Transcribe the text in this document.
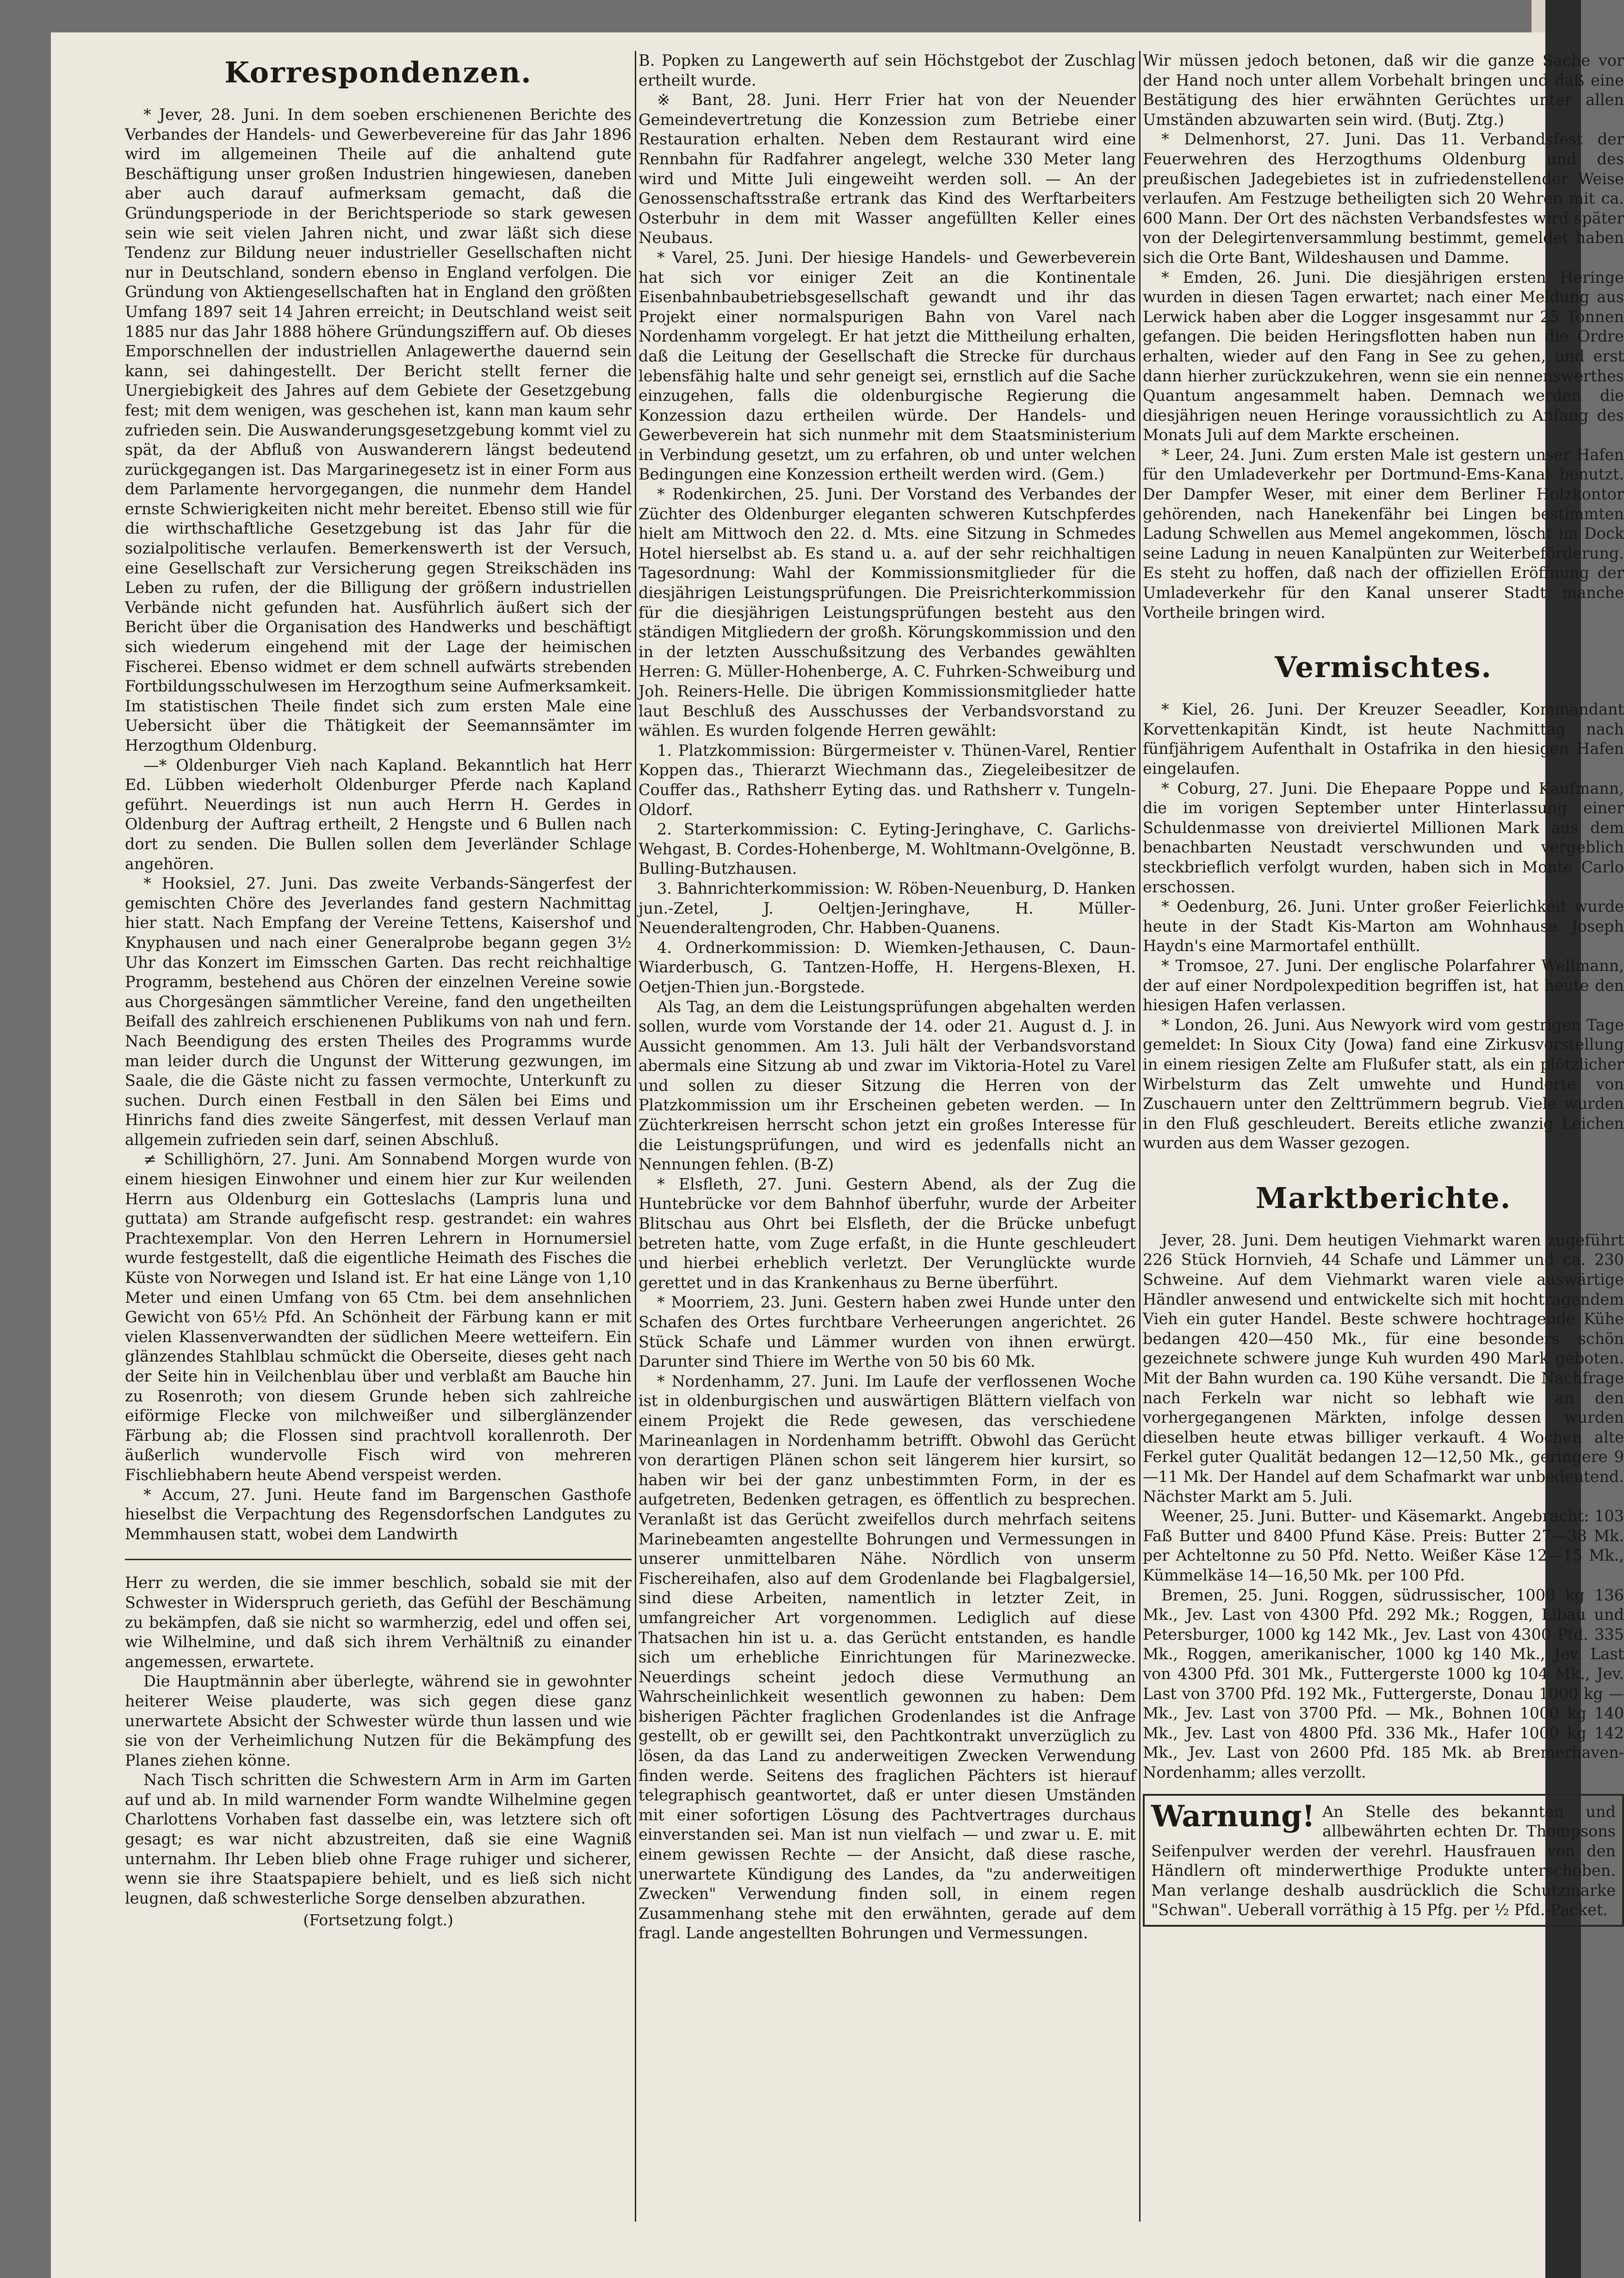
Korrespondenzen.

* Jever, 28. Juni. In dem soeben erschienenen Berichte des Verbandes der Handels- und Gewerbevereine für das Jahr 1896 wird im allgemeinen Theile auf die anhaltend gute Beschäftigung unser großen Industrien hingewiesen, daneben aber auch darauf aufmerksam gemacht, daß die Gründungsperiode in der Berichtsperiode so stark gewesen sein wie seit vielen Jahren nicht, und zwar läßt sich diese Tendenz zur Bildung neuer industrieller Gesellschaften nicht nur in Deutschland, sondern ebenso in England verfolgen. Die Gründung von Aktiengesellschaften hat in England den größten Umfang 1897 seit 14 Jahren erreicht; in Deutschland weist seit 1885 nur das Jahr 1888 höhere Gründungsziffern auf. Ob dieses Emporschnellen der industriellen Anlagewerthe dauernd sein kann, sei dahingestellt. Der Bericht stellt ferner die Unergiebigkeit des Jahres auf dem Gebiete der Gesetzgebung fest; mit dem wenigen, was geschehen ist, kann man kaum sehr zufrieden sein. Die Auswanderungsgesetzgebung kommt viel zu spät, da der Abfluß von Auswanderern längst bedeutend zurückgegangen ist. Das Margarinegesetz ist in einer Form aus dem Parlamente hervorgegangen, die nunmehr dem Handel ernste Schwierigkeiten nicht mehr bereitet. Ebenso still wie für die wirthschaftliche Gesetzgebung ist das Jahr für die sozialpolitische verlaufen. Bemerkenswerth ist der Versuch, eine Gesellschaft zur Versicherung gegen Streikschäden ins Leben zu rufen, der die Billigung der größern industriellen Verbände nicht gefunden hat. Ausführlich äußert sich der Bericht über die Organisation des Handwerks und beschäftigt sich wiederum eingehend mit der Lage der heimischen Fischerei. Ebenso widmet er dem schnell aufwärts strebenden Fortbildungsschulwesen im Herzogthum seine Aufmerksamkeit. Im statistischen Theile findet sich zum ersten Male eine Uebersicht über die Thätigkeit der Seemannsämter im Herzogthum Oldenburg.

—* Oldenburger Vieh nach Kapland. Bekanntlich hat Herr Ed. Lübben wiederholt Oldenburger Pferde nach Kapland geführt. Neuerdings ist nun auch Herrn H. Gerdes in Oldenburg der Auftrag ertheilt, 2 Hengste und 6 Bullen nach dort zu senden. Die Bullen sollen dem Jeverländer Schlage angehören.

* Hooksiel, 27. Juni. Das zweite Verbands-Sängerfest der gemischten Chöre des Jeverlandes fand gestern Nachmittag hier statt. Nach Empfang der Vereine Tettens, Kaisershof und Knyphausen und nach einer Generalprobe begann gegen 3½ Uhr das Konzert im Eimsschen Garten. Das recht reichhaltige Programm, bestehend aus Chören der einzelnen Vereine sowie aus Chorgesängen sämmtlicher Vereine, fand den ungetheilten Beifall des zahlreich erschienenen Publikums von nah und fern. Nach Beendigung des ersten Theiles des Programms wurde man leider durch die Ungunst der Witterung gezwungen, im Saale, die die Gäste nicht zu fassen vermochte, Unterkunft zu suchen. Durch einen Festball in den Sälen bei Eims und Hinrichs fand dies zweite Sängerfest, mit dessen Verlauf man allgemein zufrieden sein darf, seinen Abschluß.

≠ Schillighörn, 27. Juni. Am Sonnabend Morgen wurde von einem hiesigen Einwohner und einem hier zur Kur weilenden Herrn aus Oldenburg ein Gotteslachs (Lampris luna und guttata) am Strande aufgefischt resp. gestrandet: ein wahres Prachtexemplar. Von den Herren Lehrern in Hornumersiel wurde festgestellt, daß die eigentliche Heimath des Fisches die Küste von Norwegen und Island ist. Er hat eine Länge von 1,10 Meter und einen Umfang von 65 Ctm. bei dem ansehnlichen Gewicht von 65½ Pfd. An Schönheit der Färbung kann er mit vielen Klassenverwandten der südlichen Meere wetteifern. Ein glänzendes Stahlblau schmückt die Oberseite, dieses geht nach der Seite hin in Veilchenblau über und verblaßt am Bauche hin zu Rosenroth; von diesem Grunde heben sich zahlreiche eiförmige Flecke von milchweißer und silberglänzender Färbung ab; die Flossen sind prachtvoll korallenroth. Der äußerlich wundervolle Fisch wird von mehreren Fischliebhabern heute Abend verspeist werden.

* Accum, 27. Juni. Heute fand im Bargenschen Gasthofe hieselbst die Verpachtung des Regensdorfschen Landgutes zu Memmhausen statt, wobei dem Landwirth

Herr zu werden, die sie immer beschlich, sobald sie mit der Schwester in Widerspruch gerieth, das Gefühl der Beschämung zu bekämpfen, daß sie nicht so warmherzig, edel und offen sei, wie Wilhelmine, und daß sich ihrem Verhältniß zu einander angemessen, erwartete.

Die Hauptmännin aber überlegte, während sie in gewohnter heiterer Weise plauderte, was sich gegen diese ganz unerwartete Absicht der Schwester würde thun lassen und wie sie von der Verheimlichung Nutzen für die Bekämpfung des Planes ziehen könne.

Nach Tisch schritten die Schwestern Arm in Arm im Garten auf und ab. In mild warnender Form wandte Wilhelmine gegen Charlottens Vorhaben fast dasselbe ein, was letztere sich oft gesagt; es war nicht abzustreiten, daß sie eine Wagniß unternahm. Ihr Leben blieb ohne Frage ruhiger und sicherer, wenn sie ihre Staatspapiere behielt, und es ließ sich nicht leugnen, daß schwesterliche Sorge denselben abzurathen.

(Fortsetzung folgt.)

B. Popken zu Langewerth auf sein Höchstgebot der Zuschlag ertheilt wurde.

※ Bant, 28. Juni. Herr Frier hat von der Neuender Gemeindevertretung die Konzession zum Betriebe einer Restauration erhalten. Neben dem Restaurant wird eine Rennbahn für Radfahrer angelegt, welche 330 Meter lang wird und Mitte Juli eingeweiht werden soll. — An der Genossenschaftsstraße ertrank das Kind des Werftarbeiters Osterbuhr in dem mit Wasser angefüllten Keller eines Neubaus.

* Varel, 25. Juni. Der hiesige Handels- und Gewerbeverein hat sich vor einiger Zeit an die Kontinentale Eisenbahnbaubetriebsgesellschaft gewandt und ihr das Projekt einer normalspurigen Bahn von Varel nach Nordenhamm vorgelegt. Er hat jetzt die Mittheilung erhalten, daß die Leitung der Gesellschaft die Strecke für durchaus lebensfähig halte und sehr geneigt sei, ernstlich auf die Sache einzugehen, falls die oldenburgische Regierung die Konzession dazu ertheilen würde. Der Handels- und Gewerbeverein hat sich nunmehr mit dem Staatsministerium in Verbindung gesetzt, um zu erfahren, ob und unter welchen Bedingungen eine Konzession ertheilt werden wird. (Gem.)

* Rodenkirchen, 25. Juni. Der Vorstand des Verbandes der Züchter des Oldenburger eleganten schweren Kutschpferdes hielt am Mittwoch den 22. d. Mts. eine Sitzung in Schmedes Hotel hierselbst ab. Es stand u. a. auf der sehr reichhaltigen Tagesordnung: Wahl der Kommissionsmitglieder für die diesjährigen Leistungsprüfungen. Die Preisrichterkommission für die diesjährigen Leistungsprüfungen besteht aus den ständigen Mitgliedern der großh. Körungskommission und den in der letzten Ausschußsitzung des Verbandes gewählten Herren: G. Müller-Hohenberge, A. C. Fuhrken-Schweiburg und Joh. Reiners-Helle. Die übrigen Kommissionsmitglieder hatte laut Beschluß des Ausschusses der Verbandsvorstand zu wählen. Es wurden folgende Herren gewählt:

1. Platzkommission: Bürgermeister v. Thünen-Varel, Rentier Koppen das., Thierarzt Wiechmann das., Ziegeleibesitzer de Couffer das., Rathsherr Eyting das. und Rathsherr v. Tungeln-Oldorf.

2. Starterkommission: C. Eyting-Jeringhave, C. Garlichs-Wehgast, B. Cordes-Hohenberge, M. Wohltmann-Ovelgönne, B. Bulling-Butzhausen.

3. Bahnrichterkommission: W. Röben-Neuenburg, D. Hanken jun.-Zetel, J. Oeltjen-Jeringhave, H. Müller-Neuenderaltengroden, Chr. Habben-Quanens.

4. Ordnerkommission: D. Wiemken-Jethausen, C. Daun-Wiarderbusch, G. Tantzen-Hoffe, H. Hergens-Blexen, H. Oetjen-Thien jun.-Borgstede.

Als Tag, an dem die Leistungsprüfungen abgehalten werden sollen, wurde vom Vorstande der 14. oder 21. August d. J. in Aussicht genommen. Am 13. Juli hält der Verbandsvorstand abermals eine Sitzung ab und zwar im Viktoria-Hotel zu Varel und sollen zu dieser Sitzung die Herren von der Platzkommission um ihr Erscheinen gebeten werden. — In Züchterkreisen herrscht schon jetzt ein großes Interesse für die Leistungsprüfungen, und wird es jedenfalls nicht an Nennungen fehlen. (B-Z)

* Elsfleth, 27. Juni. Gestern Abend, als der Zug die Huntebrücke vor dem Bahnhof überfuhr, wurde der Arbeiter Blitschau aus Ohrt bei Elsfleth, der die Brücke unbefugt betreten hatte, vom Zuge erfaßt, in die Hunte geschleudert und hierbei erheblich verletzt. Der Verunglückte wurde gerettet und in das Krankenhaus zu Berne überführt.

* Moorriem, 23. Juni. Gestern haben zwei Hunde unter den Schafen des Ortes furchtbare Verheerungen angerichtet. 26 Stück Schafe und Lämmer wurden von ihnen erwürgt. Darunter sind Thiere im Werthe von 50 bis 60 Mk.

* Nordenhamm, 27. Juni. Im Laufe der verflossenen Woche ist in oldenburgischen und auswärtigen Blättern vielfach von einem Projekt die Rede gewesen, das verschiedene Marineanlagen in Nordenhamm betrifft. Obwohl das Gerücht von derartigen Plänen schon seit längerem hier kursirt, so haben wir bei der ganz unbestimmten Form, in der es aufgetreten, Bedenken getragen, es öffentlich zu besprechen. Veranlaßt ist das Gerücht zweifellos durch mehrfach seitens Marinebeamten angestellte Bohrungen und Vermessungen in unserer unmittelbaren Nähe. Nördlich von unserm Fischereihafen, also auf dem Grodenlande bei Flagbalgersiel, sind diese Arbeiten, namentlich in letzter Zeit, in umfangreicher Art vorgenommen. Lediglich auf diese Thatsachen hin ist u. a. das Gerücht entstanden, es handle sich um erhebliche Einrichtungen für Marinezwecke. Neuerdings scheint jedoch diese Vermuthung an Wahrscheinlichkeit wesentlich gewonnen zu haben: Dem bisherigen Pächter fraglichen Grodenlandes ist die Anfrage gestellt, ob er gewillt sei, den Pachtkontrakt unverzüglich zu lösen, da das Land zu anderweitigen Zwecken Verwendung finden werde. Seitens des fraglichen Pächters ist hierauf telegraphisch geantwortet, daß er unter diesen Umständen mit einer sofortigen Lösung des Pachtvertrages durchaus einverstanden sei. Man ist nun vielfach — und zwar u. E. mit einem gewissen Rechte — der Ansicht, daß diese rasche, unerwartete Kündigung des Landes, da "zu anderweitigen Zwecken" Verwendung finden soll, in einem regen Zusammenhang stehe mit den erwähnten, gerade auf dem fragl. Lande angestellten Bohrungen und Vermessungen.

Wir müssen jedoch betonen, daß wir die ganze Sache vor der Hand noch unter allem Vorbehalt bringen und daß eine Bestätigung des hier erwähnten Gerüchtes unter allen Umständen abzuwarten sein wird. (Butj. Ztg.)

* Delmenhorst, 27. Juni. Das 11. Verbandsfest der Feuerwehren des Herzogthums Oldenburg und des preußischen Jadegebietes ist in zufriedenstellender Weise verlaufen. Am Festzuge betheiligten sich 20 Wehren mit ca. 600 Mann. Der Ort des nächsten Verbandsfestes wird später von der Delegirtenversammlung bestimmt, gemeldet haben sich die Orte Bant, Wildeshausen und Damme.

* Emden, 26. Juni. Die diesjährigen ersten Heringe wurden in diesen Tagen erwartet; nach einer Meldung aus Lerwick haben aber die Logger insgesammt nur 25 Tonnen gefangen. Die beiden Heringsflotten haben nun die Ordre erhalten, wieder auf den Fang in See zu gehen, und erst dann hierher zurückzukehren, wenn sie ein nennenswerthes Quantum angesammelt haben. Demnach werden die diesjährigen neuen Heringe voraussichtlich zu Anfang des Monats Juli auf dem Markte erscheinen.

* Leer, 24. Juni. Zum ersten Male ist gestern unser Hafen für den Umladeverkehr per Dortmund-Ems-Kanal benutzt. Der Dampfer Weser, mit einer dem Berliner Holzkontor gehörenden, nach Hanekenfähr bei Lingen bestimmten Ladung Schwellen aus Memel angekommen, löscht im Dock seine Ladung in neuen Kanalpünten zur Weiterbeförderung. Es steht zu hoffen, daß nach der offiziellen Eröffnung der Umladeverkehr für den Kanal unserer Stadt manche Vortheile bringen wird.

Vermischtes.

* Kiel, 26. Juni. Der Kreuzer Seeadler, Kommandant Korvettenkapitän Kindt, ist heute Nachmittag nach fünfjährigem Aufenthalt in Ostafrika in den hiesigen Hafen eingelaufen.

* Coburg, 27. Juni. Die Ehepaare Poppe und Kaufmann, die im vorigen September unter Hinterlassung einer Schuldenmasse von dreiviertel Millionen Mark aus dem benachbarten Neustadt verschwunden und vergeblich steckbrieflich verfolgt wurden, haben sich in Monte Carlo erschossen.

* Oedenburg, 26. Juni. Unter großer Feierlichkeit wurde heute in der Stadt Kis-Marton am Wohnhause Joseph Haydn's eine Marmortafel enthüllt.

* Tromsoe, 27. Juni. Der englische Polarfahrer Wellmann, der auf einer Nordpolexpedition begriffen ist, hat heute den hiesigen Hafen verlassen.

* London, 26. Juni. Aus Newyork wird vom gestrigen Tage gemeldet: In Sioux City (Jowa) fand eine Zirkusvorstellung in einem riesigen Zelte am Flußufer statt, als ein plötzlicher Wirbelsturm das Zelt umwehte und Hunderte von Zuschauern unter den Zelttrümmern begrub. Viele wurden in den Fluß geschleudert. Bereits etliche zwanzig Leichen wurden aus dem Wasser gezogen.

Marktberichte.

Jever, 28. Juni. Dem heutigen Viehmarkt waren zugeführt 226 Stück Hornvieh, 44 Schafe und Lämmer und ca. 230 Schweine. Auf dem Viehmarkt waren viele auswärtige Händler anwesend und entwickelte sich mit hochtragendem Vieh ein guter Handel. Beste schwere hochtragende Kühe bedangen 420—450 Mk., für eine besonders schön gezeichnete schwere junge Kuh wurden 490 Mark geboten. Mit der Bahn wurden ca. 190 Kühe versandt. Die Nachfrage nach Ferkeln war nicht so lebhaft wie an den vorhergegangenen Märkten, infolge dessen wurden dieselben heute etwas billiger verkauft. 4 Wochen alte Ferkel guter Qualität bedangen 12—12,50 Mk., geringere 9—11 Mk. Der Handel auf dem Schafmarkt war unbedeutend. Nächster Markt am 5. Juli.

Weener, 25. Juni. Butter- und Käsemarkt. Angebracht: 103 Faß Butter und 8400 Pfund Käse. Preis: Butter 27—38 Mk. per Achteltonne zu 50 Pfd. Netto. Weißer Käse 12—15 Mk., Kümmelkäse 14—16,50 Mk. per 100 Pfd.

Bremen, 25. Juni. Roggen, südrussischer, 1000 kg 136 Mk., Jev. Last von 4300 Pfd. 292 Mk.; Roggen, Libau und Petersburger, 1000 kg 142 Mk., Jev. Last von 4300 Pfd. 335 Mk., Roggen, amerikanischer, 1000 kg 140 Mk., Jev. Last von 4300 Pfd. 301 Mk., Futtergerste 1000 kg 104 Mk., Jev. Last von 3700 Pfd. 192 Mk., Futtergerste, Donau 1000 kg — Mk., Jev. Last von 3700 Pfd. — Mk., Bohnen 1000 kg 140 Mk., Jev. Last von 4800 Pfd. 336 Mk., Hafer 1000 kg 142 Mk., Jev. Last von 2600 Pfd. 185 Mk. ab Bremerhaven-Nordenhamm; alles verzollt.

Warnung! An Stelle des bekannten und allbewährten echten Dr. Thompsons Seifenpulver werden der verehrl. Hausfrauen von den Händlern oft minderwerthige Produkte unterschoben. Man verlange deshalb ausdrücklich die Schutzmarke "Schwan". Ueberall vorräthig à 15 Pfg. per ½ Pfd.-Packet.
